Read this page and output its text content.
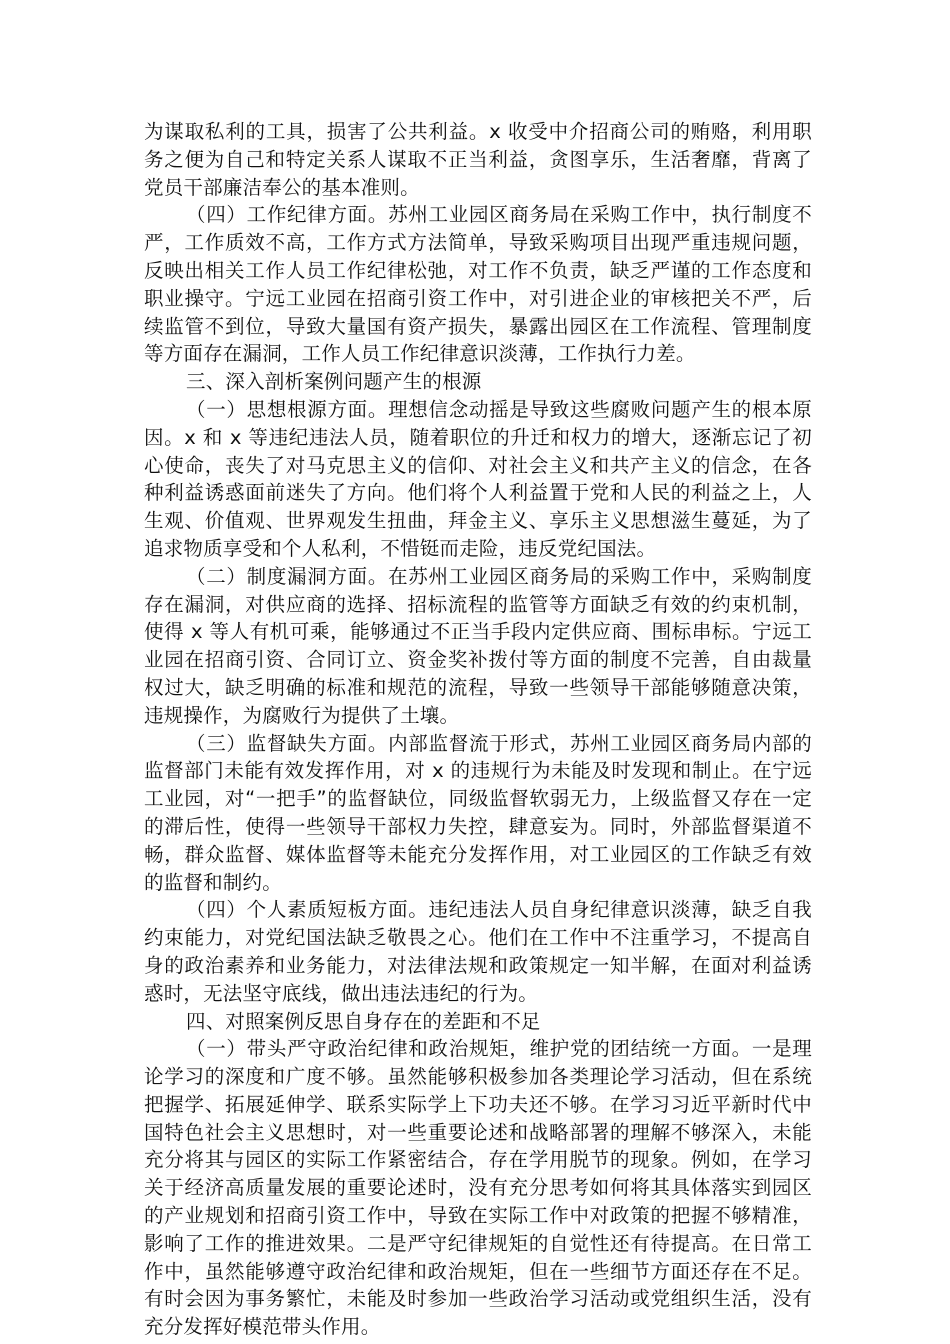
为谋取私利的工具，损害了公共利益。x 收受中介招商公司的贿赂，利用职务之便为自己和特定关系人谋取不正当利益，贪图享乐，生活奢靡，背离了党员干部廉洁奉公的基本准则。

（四）工作纪律方面。苏州工业园区商务局在采购工作中，执行制度不严，工作质效不高，工作方式方法简单，导致采购项目出现严重违规问题，反映出相关工作人员工作纪律松弛，对工作不负责，缺乏严谨的工作态度和职业操守。宁远工业园在招商引资工作中，对引进企业的审核把关不严，后续监管不到位，导致大量国有资产损失，暴露出园区在工作流程、管理制度等方面存在漏洞，工作人员工作纪律意识淡薄，工作执行力差。

三、深入剖析案例问题产生的根源

（一）思想根源方面。理想信念动摇是导致这些腐败问题产生的根本原因。x 和 x 等违纪违法人员，随着职位的升迁和权力的增大，逐渐忘记了初心使命，丧失了对马克思主义的信仰、对社会主义和共产主义的信念，在各种利益诱惑面前迷失了方向。他们将个人利益置于党和人民的利益之上，人生观、价值观、世界观发生扭曲，拜金主义、享乐主义思想滋生蔓延，为了追求物质享受和个人私利，不惜铤而走险，违反党纪国法。

（二）制度漏洞方面。在苏州工业园区商务局的采购工作中，采购制度存在漏洞，对供应商的选择、招标流程的监管等方面缺乏有效的约束机制，使得 x 等人有机可乘，能够通过不正当手段内定供应商、围标串标。宁远工业园在招商引资、合同订立、资金奖补拨付等方面的制度不完善，自由裁量权过大，缺乏明确的标准和规范的流程，导致一些领导干部能够随意决策，违规操作，为腐败行为提供了土壤。

（三）监督缺失方面。内部监督流于形式，苏州工业园区商务局内部的监督部门未能有效发挥作用，对 x 的违规行为未能及时发现和制止。在宁远工业园，对“一把手”的监督缺位，同级监督软弱无力，上级监督又存在一定的滞后性，使得一些领导干部权力失控，肆意妄为。同时，外部监督渠道不畅，群众监督、媒体监督等未能充分发挥作用，对工业园区的工作缺乏有效的监督和制约。

（四）个人素质短板方面。违纪违法人员自身纪律意识淡薄，缺乏自我约束能力，对党纪国法缺乏敬畏之心。他们在工作中不注重学习，不提高自身的政治素养和业务能力，对法律法规和政策规定一知半解，在面对利益诱惑时，无法坚守底线，做出违法违纪的行为。

四、对照案例反思自身存在的差距和不足

（一）带头严守政治纪律和政治规矩，维护党的团结统一方面。一是理论学习的深度和广度不够。虽然能够积极参加各类理论学习活动，但在系统把握学、拓展延伸学、联系实际学上下功夫还不够。在学习习近平新时代中国特色社会主义思想时，对一些重要论述和战略部署的理解不够深入，未能充分将其与园区的实际工作紧密结合，存在学用脱节的现象。例如，在学习关于经济高质量发展的重要论述时，没有充分思考如何将其具体落实到园区的产业规划和招商引资工作中，导致在实际工作中对政策的把握不够精准，影响了工作的推进效果。二是严守纪律规矩的自觉性还有待提高。在日常工作中，虽然能够遵守政治纪律和政治规矩，但在一些细节方面还存在不足。有时会因为事务繁忙，未能及时参加一些政治学习活动或党组织生活，没有充分发挥好模范带头作用。
